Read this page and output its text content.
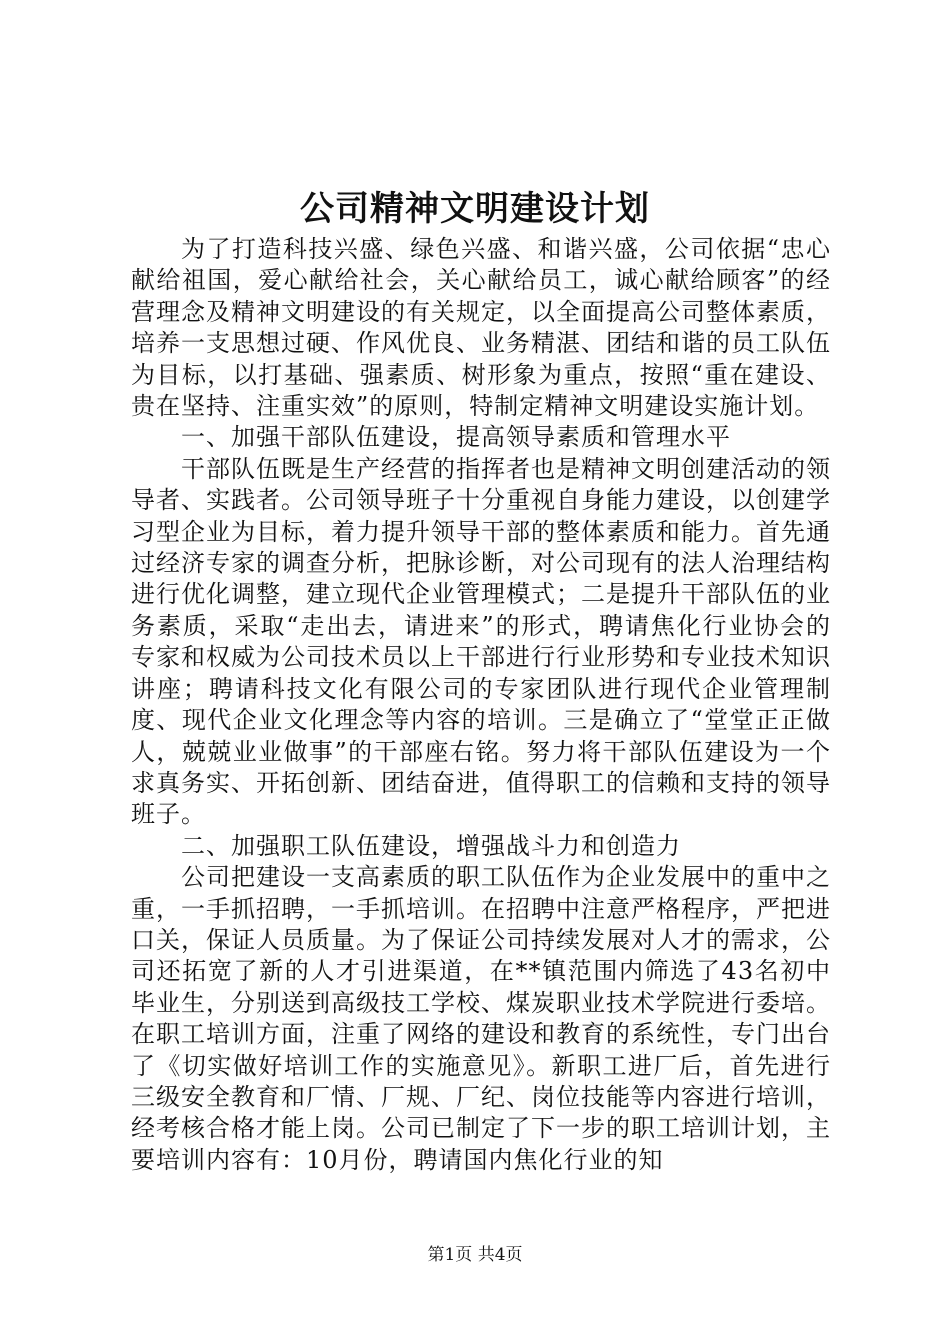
公司精神文明建设计划

为了打造科技兴盛、绿色兴盛、和谐兴盛，公司依据“忠心献给祖国，爱心献给社会，关心献给员工，诚心献给顾客”的经营理念及精神文明建设的有关规定，以全面提高公司整体素质，培养一支思想过硬、作风优良、业务精湛、团结和谐的员工队伍为目标，以打基础、强素质、树形象为重点，按照“重在建设、贵在坚持、注重实效”的原则，特制定精神文明建设实施计划。

一、加强干部队伍建设，提高领导素质和管理水平

干部队伍既是生产经营的指挥者也是精神文明创建活动的领导者、实践者。公司领导班子十分重视自身能力建设，以创建学习型企业为目标，着力提升领导干部的整体素质和能力。首先通过经济专家的调查分析，把脉诊断，对公司现有的法人治理结构进行优化调整，建立现代企业管理模式；二是提升干部队伍的业务素质，采取“走出去，请进来”的形式，聘请焦化行业协会的专家和权威为公司技术员以上干部进行行业形势和专业技术知识讲座；聘请科技文化有限公司的专家团队进行现代企业管理制度、现代企业文化理念等内容的培训。三是确立了“堂堂正正做人，兢兢业业做事”的干部座右铭。努力将干部队伍建设为一个求真务实、开拓创新、团结奋进，值得职工的信赖和支持的领导班子。

二、加强职工队伍建设，增强战斗力和创造力

公司把建设一支高素质的职工队伍作为企业发展中的重中之重，一手抓招聘，一手抓培训。在招聘中注意严格程序，严把进口关，保证人员质量。为了保证公司持续发展对人才的需求，公司还拓宽了新的人才引进渠道，在**镇范围内筛选了43名初中毕业生，分别送到高级技工学校、煤炭职业技术学院进行委培。在职工培训方面，注重了网络的建设和教育的系统性，专门出台了《切实做好培训工作的实施意见》。新职工进厂后，首先进行三级安全教育和厂情、厂规、厂纪、岗位技能等内容进行培训，经考核合格才能上岗。公司已制定了下一步的职工培训计划，主要培训内容有：10月份，聘请国内焦化行业的知

第1页 共4页
